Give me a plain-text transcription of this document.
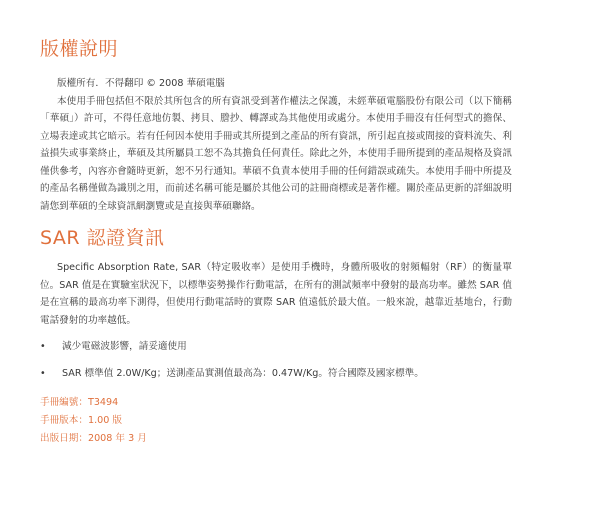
版權說明

版權所有．不得翻印 © 2008 華碩電腦

本使用手冊包括但不限於其所包含的所有資訊受到著作權法之保護，未經華碩電腦股份有限公司（以下簡稱「華碩」）許可，不得任意地仿製、拷貝、謄抄、轉譯或為其他使用或處分。本使用手冊沒有任何型式的擔保、立場表達或其它暗示。若有任何因本使用手冊或其所提到之產品的所有資訊，所引起直接或間接的資料流失、利益損失或事業終止，華碩及其所屬員工恕不為其擔負任何責任。除此之外，本使用手冊所提到的產品規格及資訊僅供參考，內容亦會隨時更新，恕不另行通知。華碩不負責本使用手冊的任何錯誤或疏失。本使用手冊中所提及的產品名稱僅做為識別之用，而前述名稱可能是屬於其他公司的註冊商標或是著作權。關於產品更新的詳細說明請您到華碩的全球資訊網瀏覽或是直接與華碩聯絡。

SAR 認證資訊

Specific Absorption Rate, SAR（特定吸收率）是使用手機時，身體所吸收的射頻輻射（RF）的衡量單位。SAR 值是在實驗室狀況下，以標準姿勢操作行動電話，在所有的測試頻率中發射的最高功率。雖然 SAR 值是在宣稱的最高功率下測得，但使用行動電話時的實際 SAR 值遠低於最大值。一般來說，越靠近基地台，行動電話發射的功率越低。

•	減少電磁波影響，請妥適使用
•	SAR 標準值 2.0W/Kg；送測產品實測值最高為：0.47W/Kg。符合國際及國家標準。

手冊編號：T3494

手冊版本：1.00 版

出版日期：2008 年 3 月
